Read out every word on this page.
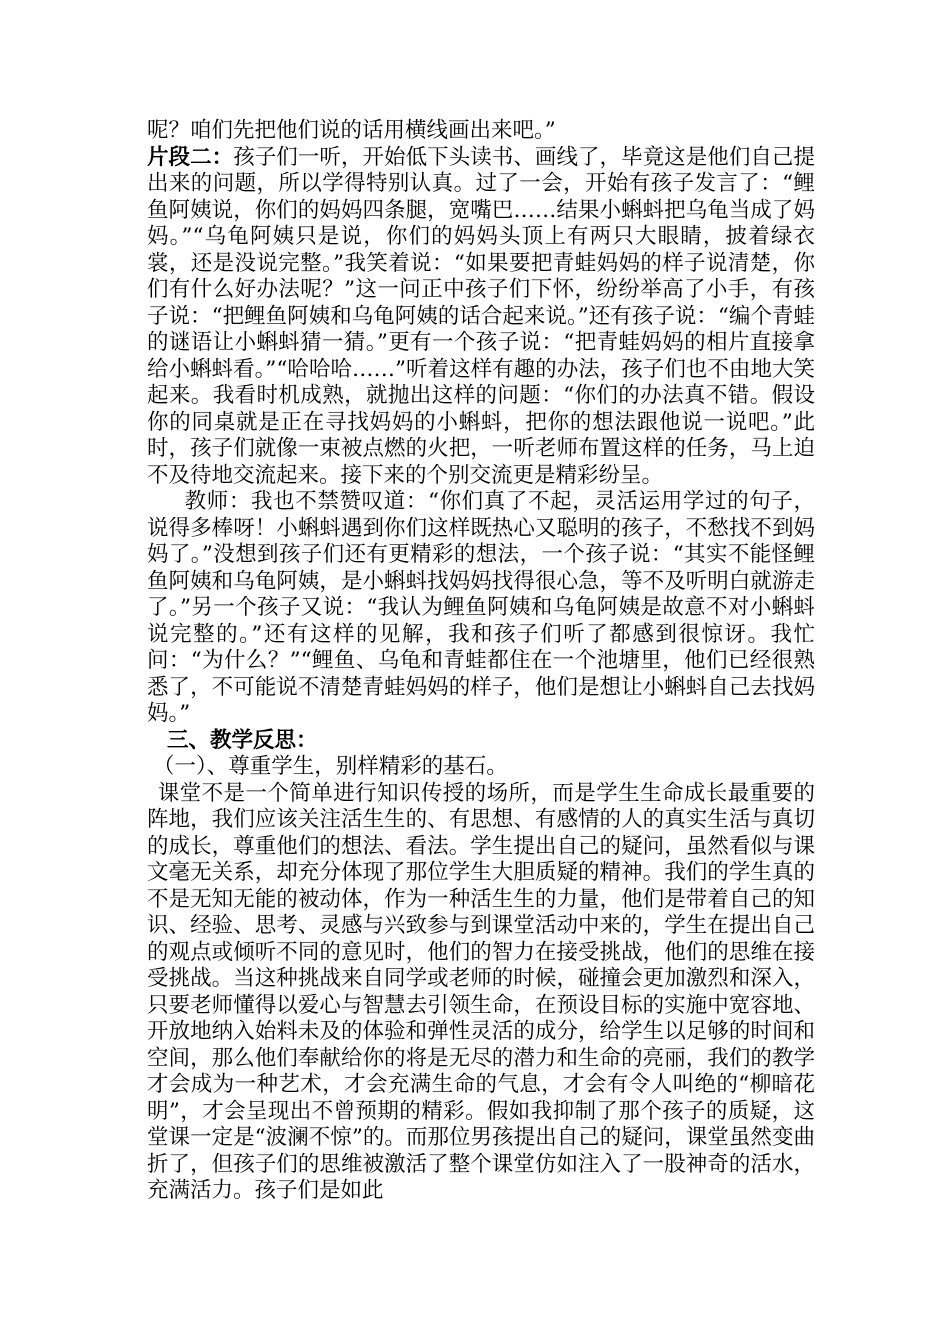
呢？咱们先把他们说的话用横线画出来吧。”

片段二：孩子们一听，开始低下头读书、画线了，毕竟这是他们自己提出来的问题，所以学得特别认真。过了一会，开始有孩子发言了：“鲤鱼阿姨说，你们的妈妈四条腿，宽嘴巴……结果小蝌蚪把乌龟当成了妈妈。”“乌龟阿姨只是说，你们的妈妈头顶上有两只大眼睛，披着绿衣裳，还是没说完整。”我笑着说：“如果要把青蛙妈妈的样子说清楚，你们有什么好办法呢？”这一问正中孩子们下怀，纷纷举高了小手，有孩子说：“把鲤鱼阿姨和乌龟阿姨的话合起来说。”还有孩子说：“编个青蛙的谜语让小蝌蚪猜一猜。”更有一个孩子说：“把青蛙妈妈的相片直接拿给小蝌蚪看。”“哈哈哈……”听着这样有趣的办法，孩子们也不由地大笑起来。我看时机成熟，就抛出这样的问题：“你们的办法真不错。假设你的同桌就是正在寻找妈妈的小蝌蚪，把你的想法跟他说一说吧。”此时，孩子们就像一束被点燃的火把，一听老师布置这样的任务，马上迫不及待地交流起来。接下来的个别交流更是精彩纷呈。

教师：我也不禁赞叹道：“你们真了不起，灵活运用学过的句子，说得多棒呀！小蝌蚪遇到你们这样既热心又聪明的孩子，不愁找不到妈妈了。”没想到孩子们还有更精彩的想法，一个孩子说：“其实不能怪鲤鱼阿姨和乌龟阿姨，是小蝌蚪找妈妈找得很心急，等不及听明白就游走了。”另一个孩子又说：“我认为鲤鱼阿姨和乌龟阿姨是故意不对小蝌蚪说完整的。”还有这样的见解，我和孩子们听了都感到很惊讶。我忙问：“为什么？”“鲤鱼、乌龟和青蛙都住在一个池塘里，他们已经很熟悉了，不可能说不清楚青蛙妈妈的样子，他们是想让小蝌蚪自己去找妈妈。”

三、教学反思：

（一）、尊重学生，别样精彩的基石。

课堂不是一个简单进行知识传授的场所，而是学生生命成长最重要的阵地，我们应该关注活生生的、有思想、有感情的人的真实生活与真切的成长，尊重他们的想法、看法。学生提出自己的疑问，虽然看似与课文毫无关系，却充分体现了那位学生大胆质疑的精神。我们的学生真的不是无知无能的被动体，作为一种活生生的力量，他们是带着自己的知识、经验、思考、灵感与兴致参与到课堂活动中来的，学生在提出自己的观点或倾听不同的意见时，他们的智力在接受挑战，他们的思维在接受挑战。当这种挑战来自同学或老师的时候，碰撞会更加激烈和深入，只要老师懂得以爱心与智慧去引领生命，在预设目标的实施中宽容地、开放地纳入始料未及的体验和弹性灵活的成分，给学生以足够的时间和空间，那么他们奉献给你的将是无尽的潜力和生命的亮丽，我们的教学才会成为一种艺术，才会充满生命的气息，才会有令人叫绝的“柳暗花明”，才会呈现出不曾预期的精彩。假如我抑制了那个孩子的质疑，这堂课一定是“波澜不惊”的。而那位男孩提出自己的疑问，课堂虽然变曲折了，但孩子们的思维被激活了整个课堂仿如注入了一股神奇的活水，充满活力。孩子们是如此
